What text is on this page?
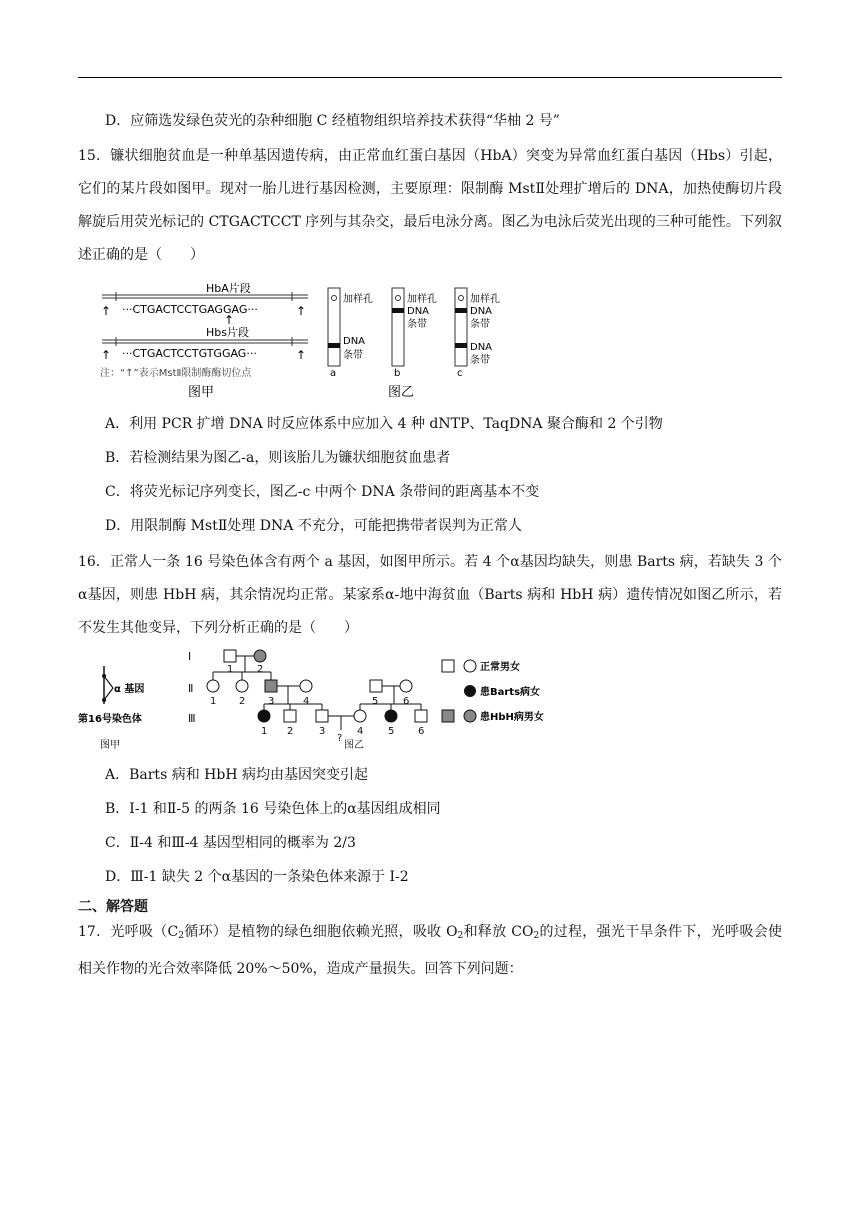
D．应筛选发绿色荧光的杂种细胞 C 经植物组织培养技术获得“华柚 2 号”
15．镰状细胞贫血是一种单基因遗传病，由正常血红蛋白基因（HbA）突变为异常血红蛋白基因（Hbs）引起，它们的某片段如图甲。现对一胎儿进行基因检测，主要原理：限制酶 MstⅡ处理扩增后的 DNA，加热使酶切片段解旋后用荧光标记的 CTGACTCCT 序列与其杂交，最后电泳分离。图乙为电泳后荧光出现的三种可能性。下列叙述正确的是（　　）
HbA片段
↑ ···CTGACTCCTGAGGAG···	↑
↑
Hbs片段
↑ ···CTGACTCCTGTGGAG···	↑
注：“↑”表示MstⅡ限制酶酶切位点
图甲
加样孔
DNA
条带
a
加样孔
DNA
条带
b
加样孔
DNA
条带
DNA
条带
c
图乙
A．利用 PCR 扩增 DNA 时反应体系中应加入 4 种 dNTP、TaqDNA 聚合酶和 2 个引物
B．若检测结果为图乙-a，则该胎儿为镰状细胞贫血患者
C．将荧光标记序列变长，图乙-c 中两个 DNA 条带间的距离基本不变
D．用限制酶 MstⅡ处理 DNA 不充分，可能把携带者误判为正常人
16．正常人一条 16 号染色体含有两个 a 基因，如图甲所示。若 4 个α基因均缺失，则患 Barts 病，若缺失 3 个α基因，则患 HbH 病，其余情况均正常。某家系α-地中海贫血（Barts 病和 HbH 病）遗传情况如图乙所示，若不发生其他变异，下列分析正确的是（　　）
α 基因
第16号染色体
图甲
Ⅰ
Ⅱ
Ⅲ
1 2
1 2 3	4	5 6
1 2	3	4 5 6
?
图乙
正常男女
患Barts病女
患HbH病男女
A．Barts 病和 HbH 病均由基因突变引起
B．I-1 和Ⅱ-5 的两条 16 号染色体上的α基因组成相同
C．Ⅱ-4 和Ⅲ-4 基因型相同的概率为 2/3
D．Ⅲ-1 缺失 2 个α基因的一条染色体来源于 I-2
二、解答题
17．光呼吸（$C_2$循环）是植物的绿色细胞依赖光照，吸收 $O_2$和释放 $CO_2$的过程，强光干旱条件下，光呼吸会使相关作物的光合效率降低 20%～50%，造成产量损失。回答下列问题：
